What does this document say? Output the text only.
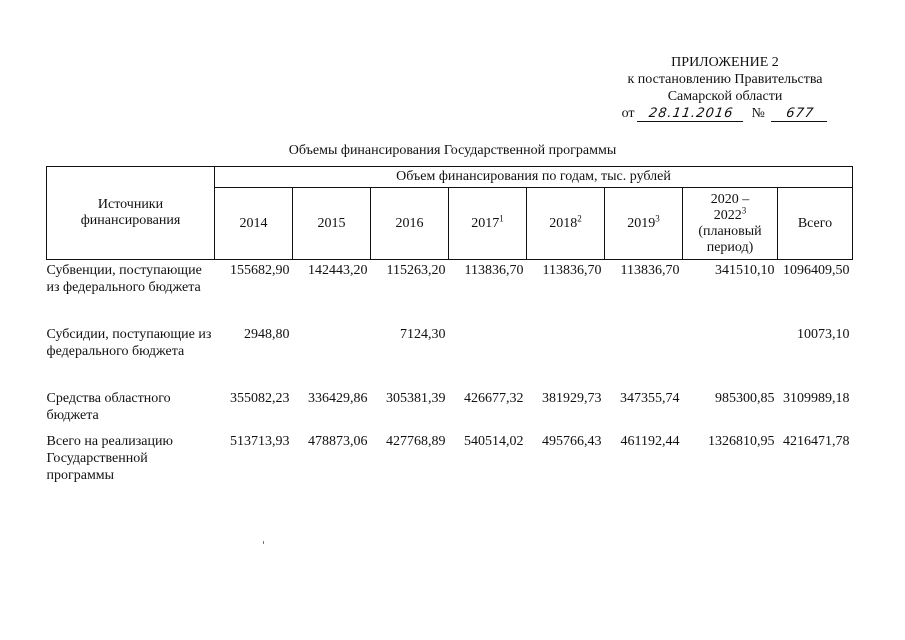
ПРИЛОЖЕНИЕ 2
к постановлению Правительства
Самарской области
от 28.11.2016 № 677
Объемы финансирования Государственной программы
Источники финансирования	Объем финансирования по годам, тыс. рублей							
	2014	2015	2016	2017$^1$	2018$^2$	2019$^3$	2020 –
2022$^3$
(плановый
период)	Всего
Субвенции, поступающие из федерального бюджета	155682,90	142443,20	115263,20	113836,70	113836,70	113836,70	341510,10	1096409,50
Субсидии, поступающие из федерального бюджета	2948,80		7124,30					10073,10
Средства областного бюджета	355082,23	336429,86	305381,39	426677,32	381929,73	347355,74	985300,85	3109989,18
Всего на реализацию Государственной программы	513713,93	478873,06	427768,89	540514,02	495766,43	461192,44	1326810,95	4216471,78
